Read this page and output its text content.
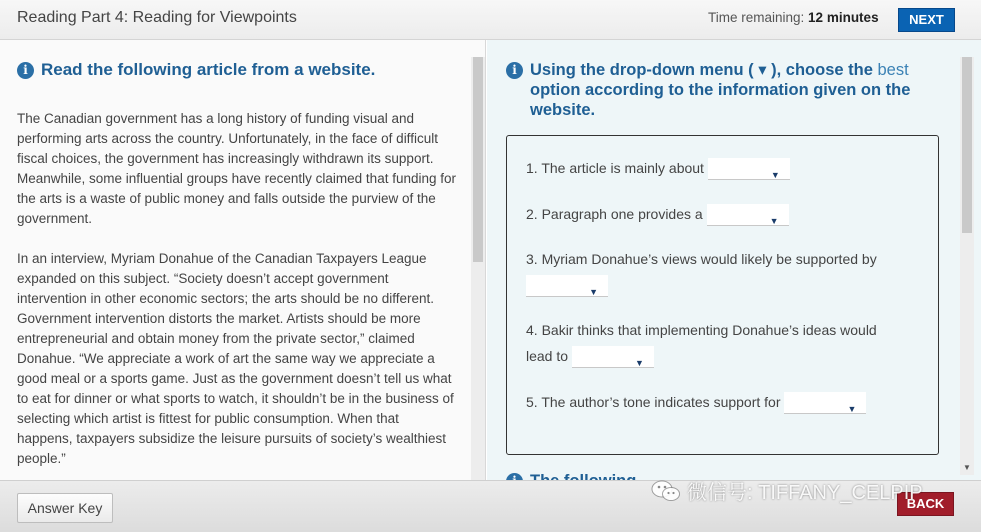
Reading Part 4: Reading for Viewpoints	Time remaining: 12 minutes	NEXT
i Read the following article from a website.

The Canadian government has a long history of funding visual and performing arts across the country. Unfortunately, in the face of difficult fiscal choices, the government has increasingly withdrawn its support. Meanwhile, some influential groups have recently claimed that funding for the arts is a waste of public money and falls outside the purview of the government.

In an interview, Myriam Donahue of the Canadian Taxpayers League expanded on this subject. “Society doesn’t accept government intervention in other economic sectors; the arts should be no different. Government intervention distorts the market. Artists should be more entrepreneurial and obtain money from the private sector,” claimed Donahue. “We appreciate a work of art the same way we appreciate a good meal or a sports game. Just as the government doesn’t tell us what to eat for dinner or what sports to watch, it shouldn’t be in the business of selecting which artist is fittest for public consumption. When that happens, taxpayers subsidize the leisure pursuits of society’s wealthiest people.”

i Using the drop-down menu ( ▾ ), choose the best option according to the information given on the website.
1. The article is mainly about	▼
2. Paragraph one provides a	▼
3. Myriam Donahue’s views would likely be supported by
▼
4. Bakir thinks that implementing Donahue’s ideas would
lead to	▼
5. The author’s tone indicates support for	▼
▼
Answer Key	BACK
微信号: TIFFANY_CELPIP
